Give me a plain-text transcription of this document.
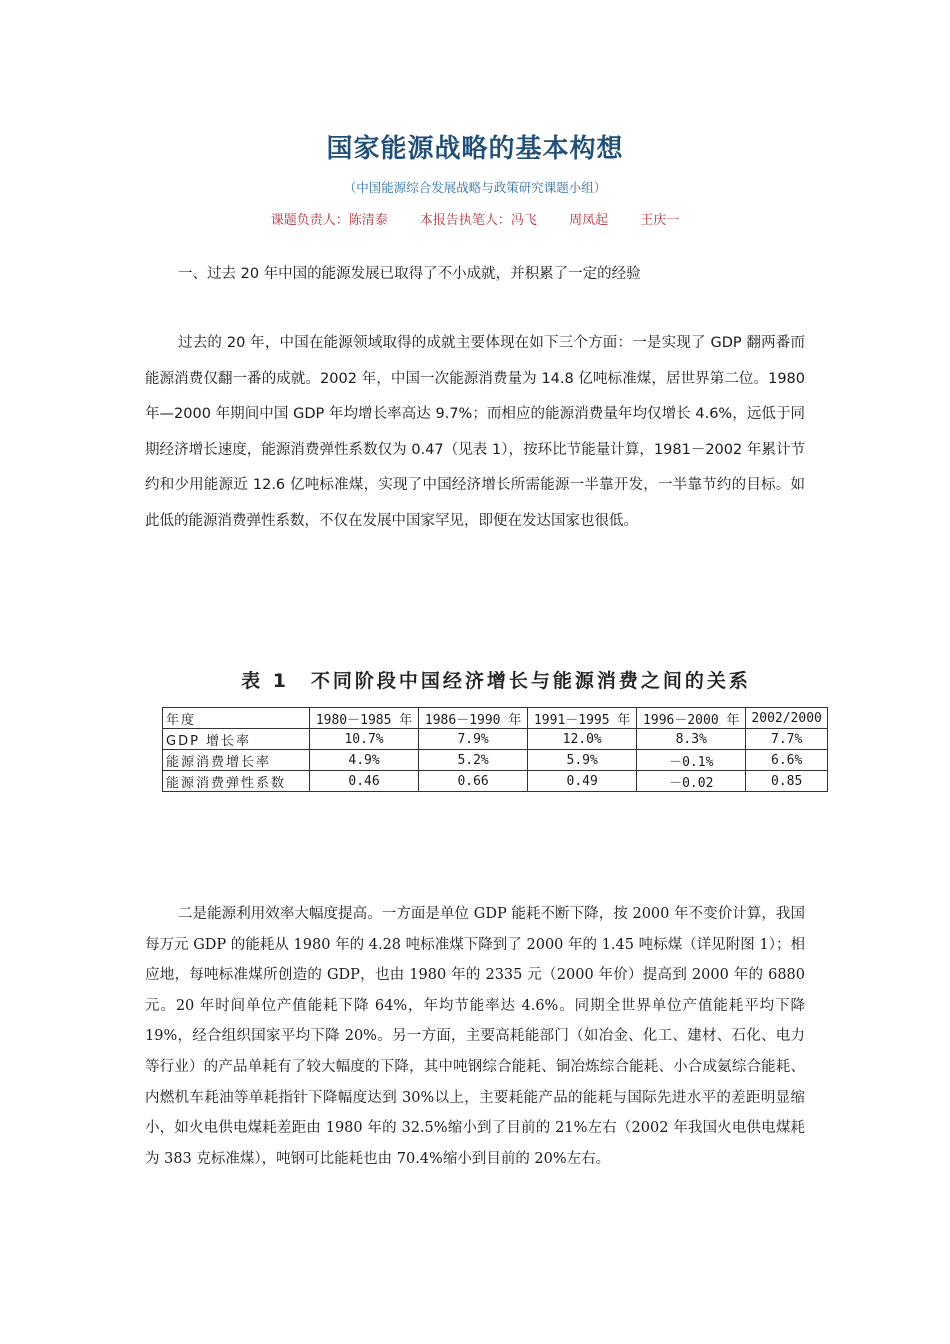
国家能源战略的基本构想
（中国能源综合发展战略与政策研究课题小组）
课题负责人：陈清泰 本报告执笔人：冯飞 周凤起 王庆一
一、过去 20 年中国的能源发展已取得了不小成就，并积累了一定的经验
过去的 20 年，中国在能源领域取得的成就主要体现在如下三个方面：一是实现了 GDP 翻两番而能源消费仅翻一番的成就。2002 年，中国一次能源消费量为 14.8 亿吨标准煤，居世界第二位。1980 年—2000 年期间中国 GDP 年均增长率高达 9.7%；而相应的能源消费量年均仅增长 4.6%，远低于同期经济增长速度，能源消费弹性系数仅为 0.47（见表 1），按环比节能量计算，1981－2002 年累计节约和少用能源近 12.6 亿吨标准煤，实现了中国经济增长所需能源一半靠开发，一半靠节约的目标。如此低的能源消费弹性系数，不仅在发展中国家罕见，即便在发达国家也很低。
表 1　不同阶段中国经济增长与能源消费之间的关系
年度	1980－1985 年	1986－1990 年	1991－1995 年	1996－2000 年	2002/2000
GDP 增长率	10.7%	7.9%	12.0%	8.3%	7.7%
能源消费增长率	4.9%	5.2%	5.9%	－0.1%	6.6%
能源消费弹性系数	0.46	0.66	0.49	－0.02	0.85
二是能源利用效率大幅度提高。一方面是单位 GDP 能耗不断下降，按 2000 年不变价计算，我国每万元 GDP 的能耗从 1980 年的 4.28 吨标准煤下降到了 2000 年的 1.45 吨标煤（详见附图 1）；相应地，每吨标准煤所创造的 GDP，也由 1980 年的 2335 元（2000 年价）提高到 2000 年的 6880 元。20 年时间单位产值能耗下降 64%，年均节能率达 4.6%。同期全世界单位产值能耗平均下降 19%，经合组织国家平均下降 20%。另一方面，主要高耗能部门（如冶金、化工、建材、石化、电力等行业）的产品单耗有了较大幅度的下降，其中吨钢综合能耗、铜冶炼综合能耗、小合成氨综合能耗、内燃机车耗油等单耗指针下降幅度达到 30%以上，主要耗能产品的能耗与国际先进水平的差距明显缩小，如火电供电煤耗差距由 1980 年的 32.5%缩小到了目前的 21%左右（2002 年我国火电供电煤耗为 383 克标准煤），吨钢可比能耗也由 70.4%缩小到目前的 20%左右。
